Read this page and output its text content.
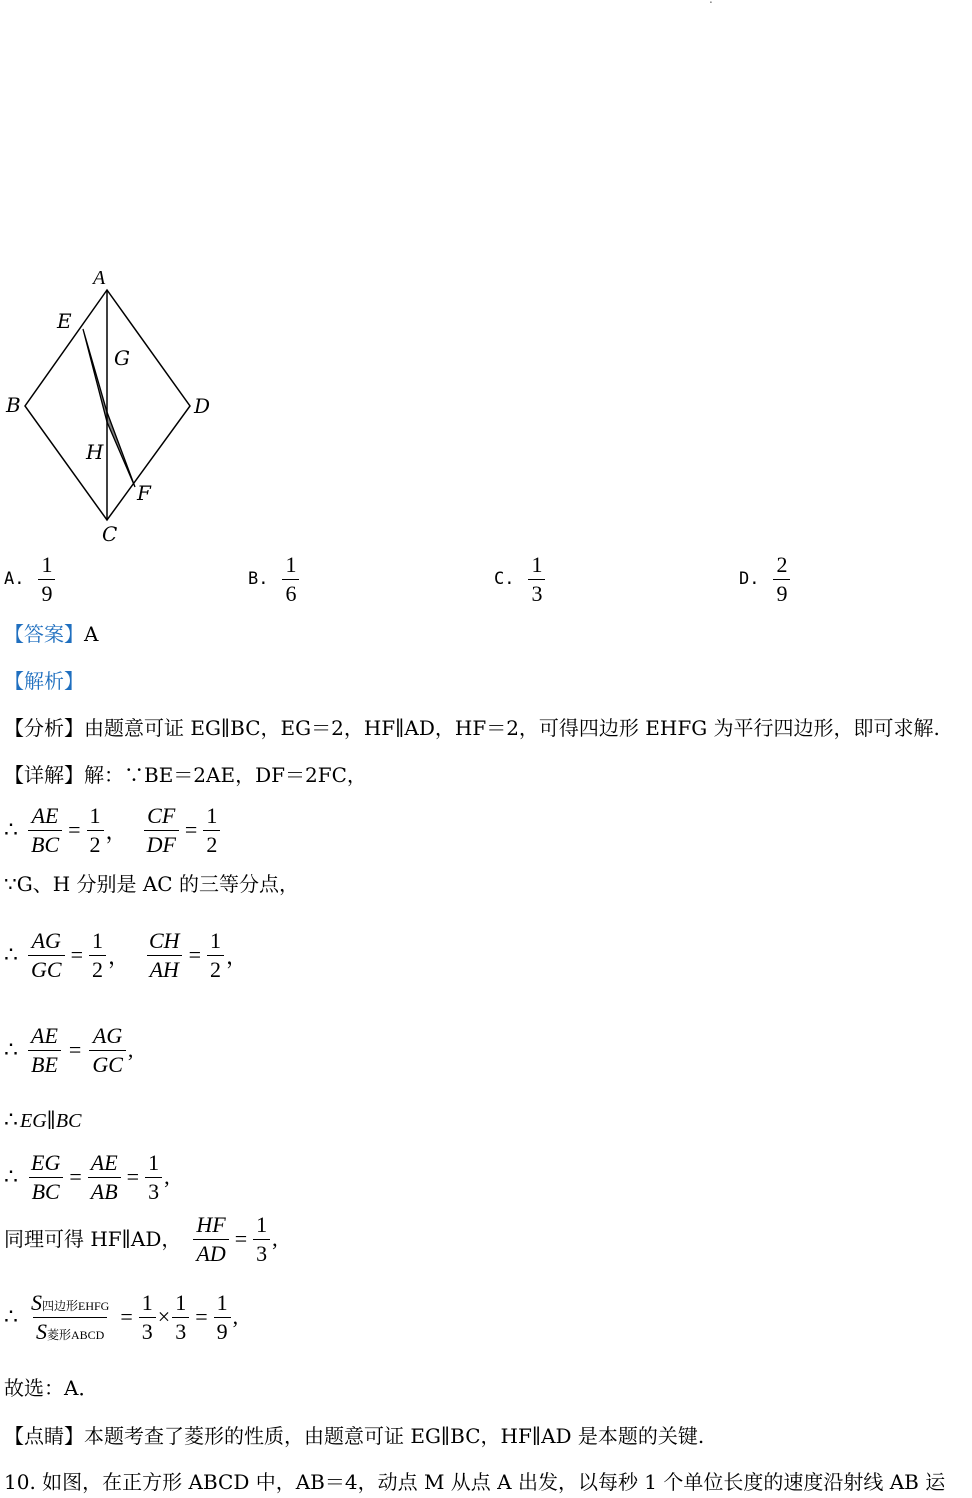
A
E
G
B	D
H
F
C
A. $\frac{1}{9}$	B. $\frac{1}{6}$	C. $\frac{1}{3}$	D. $\frac{2}{9}$
【答案】A
【解析】
【分析】由题意可证 EG∥BC，EG＝2，HF∥AD，HF＝2，可得四边形 EHFG 为平行四边形，即可求解.
【详解】解：∵BE＝2AE，DF＝2FC，
∴ $\frac{AE}{BC} = \frac{1}{2}$ ， $\frac{CF}{DF} = \frac{1}{2}$
∵G、H 分别是 AC 的三等分点，
∴ $\frac{AG}{GC} = \frac{1}{2}$ ， $\frac{CH}{AH} = \frac{1}{2}$ ，
∴ $\frac{AE}{BE} = \frac{AG}{GC}$ ,
∴ EG∥BC
∴ $\frac{EG}{BC} = \frac{AE}{AB} = \frac{1}{3}$ ,
同理可得 HF∥AD， $\frac{HF}{AD} = \frac{1}{3}$ ,
∴ $\frac{\text{S四边形EHFG}}{\text{S菱形ABCD}} = \frac{1}{3} \times \frac{1}{3} = \frac{1}{9}$ ,
故选：A．
【点睛】本题考查了菱形的性质，由题意可证 EG∥BC，HF∥AD 是本题的关键.
10. 如图，在正方形 ABCD 中，AB＝4，动点 M 从点 A 出发，以每秒 1 个单位长度的速度沿射线 AB 运
